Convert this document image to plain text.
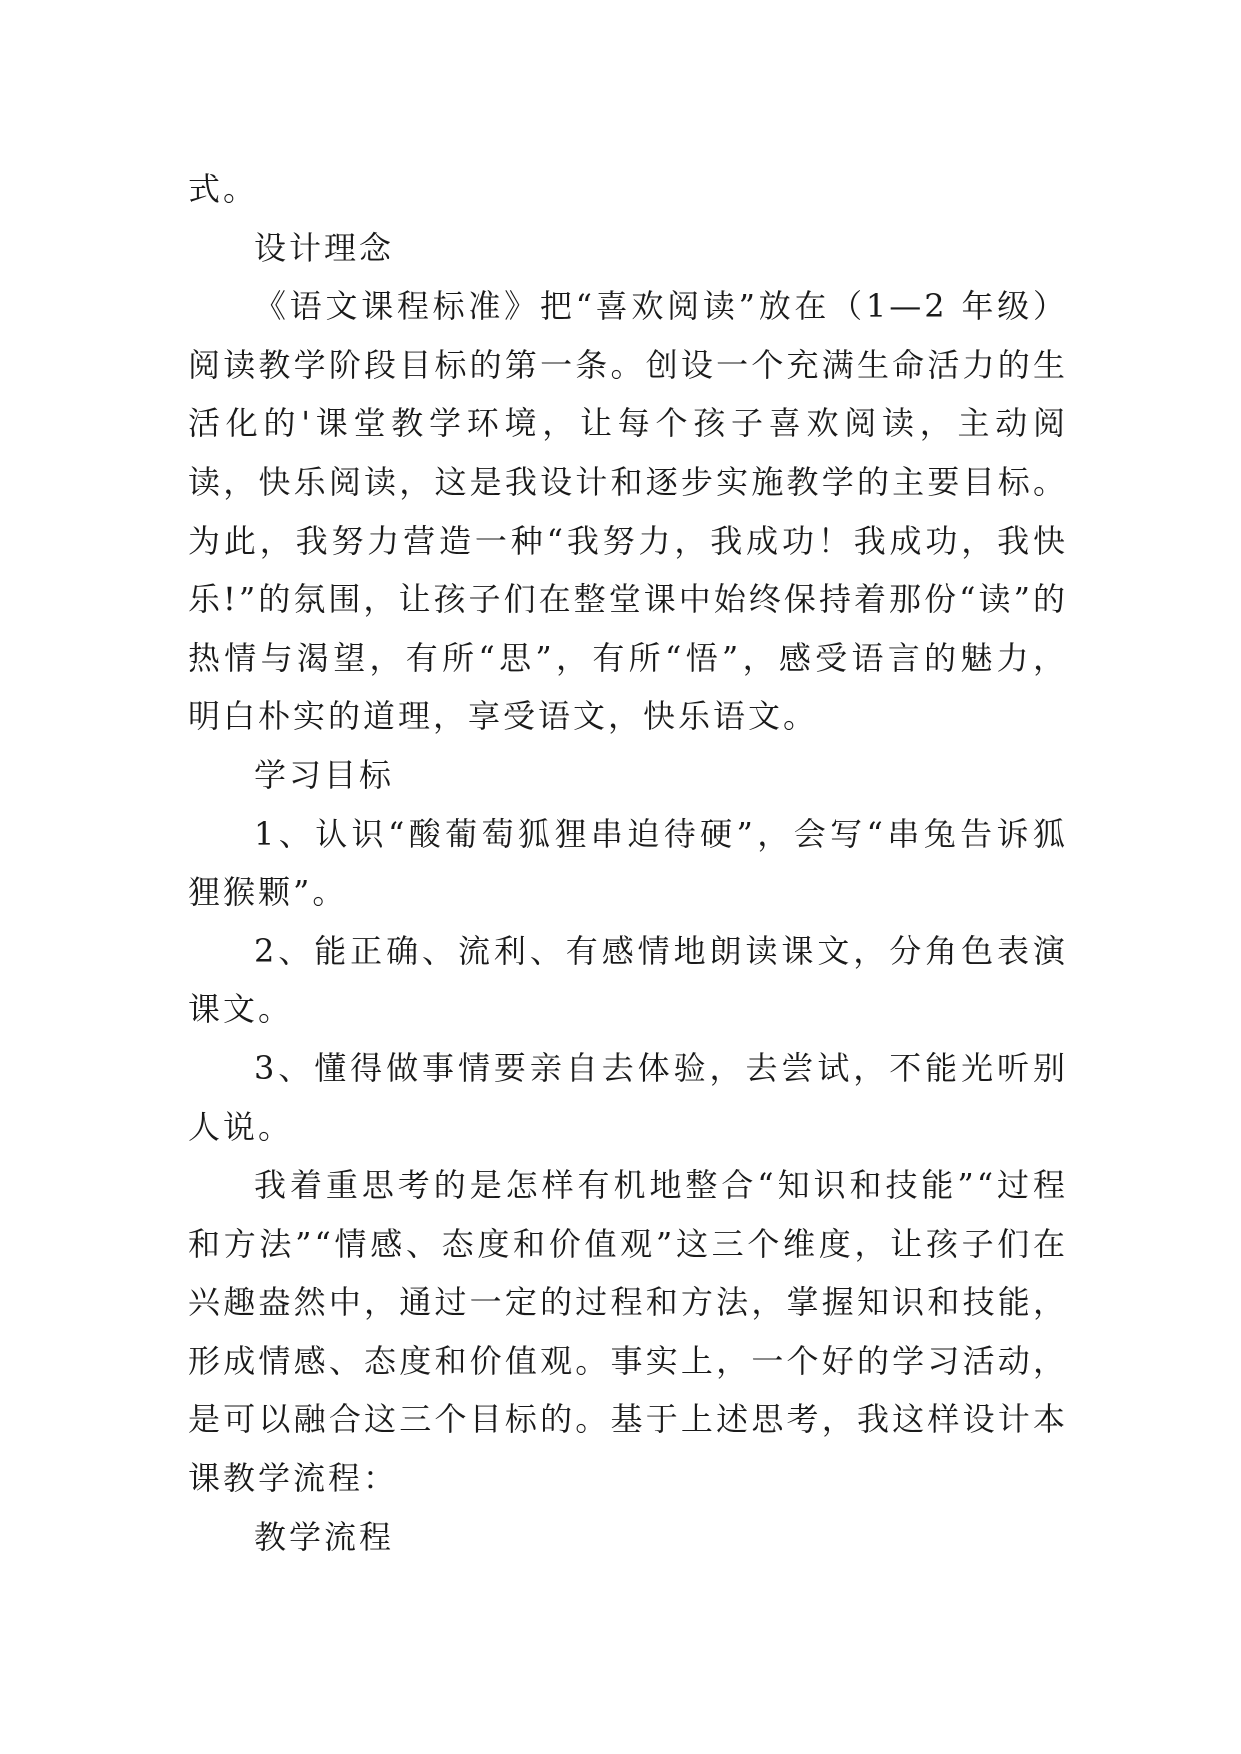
式。

设计理念

《语文课程标准》把“喜欢阅读”放在（1—2 年级）阅读教学阶段目标的第一条。创设一个充满生命活力的生活化的'课堂教学环境，让每个孩子喜欢阅读，主动阅读，快乐阅读，这是我设计和逐步实施教学的主要目标。为此，我努力营造一种“我努力，我成功！我成功，我快乐!”的氛围，让孩子们在整堂课中始终保持着那份“读”的热情与渴望，有所“思”，有所“悟”，感受语言的魅力，明白朴实的道理，享受语文，快乐语文。

学习目标

1、认识“酸葡萄狐狸串迫待硬”，会写“串兔告诉狐狸猴颗”。

2、能正确、流利、有感情地朗读课文，分角色表演课文。

3、懂得做事情要亲自去体验，去尝试，不能光听别人说。

我着重思考的是怎样有机地整合“知识和技能”“过程和方法”“情感、态度和价值观”这三个维度，让孩子们在兴趣盎然中，通过一定的过程和方法，掌握知识和技能，形成情感、态度和价值观。事实上，一个好的学习活动，是可以融合这三个目标的。基于上述思考，我这样设计本课教学流程：

教学流程
